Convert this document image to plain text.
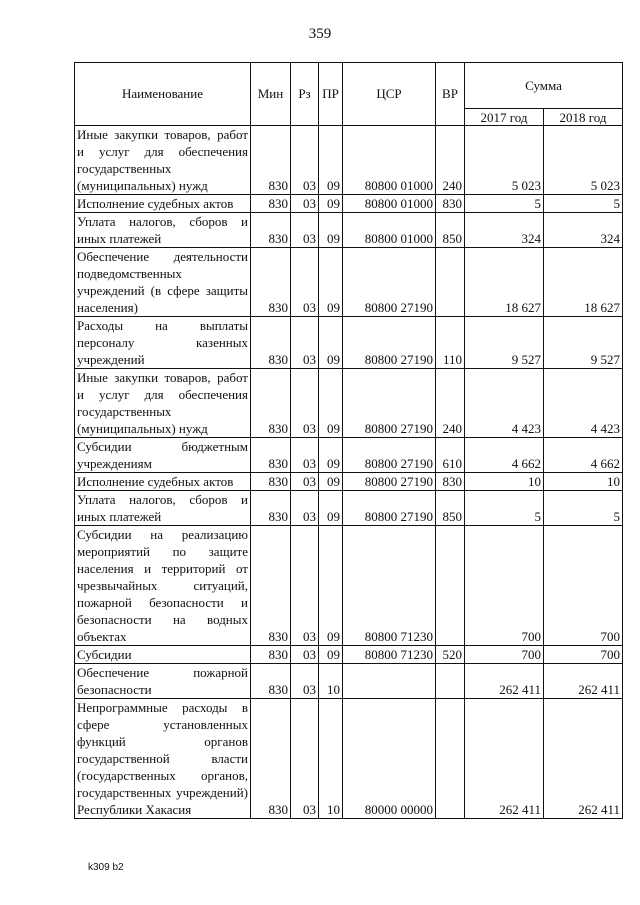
359
Наименование	Мин	Рз	ПР	ЦСР	ВР	Сумма	
						2017 год	2018 год
Иные закупки товаров, работ и услуг для обеспечения государственных (муниципальных) нужд	830	03	09	80800 01000	240	5 023	5 023
Исполнение судебных актов	830	03	09	80800 01000	830	5	5
Уплата налогов, сборов и иных платежей	830	03	09	80800 01000	850	324	324
Обеспечение деятельности подведомственных учреждений (в сфере защиты населения)	830	03	09	80800 27190		18 627	18 627
Расходы на выплаты персоналу казенных учреждений	830	03	09	80800 27190	110	9 527	9 527
Иные закупки товаров, работ и услуг для обеспечения государственных (муниципальных) нужд	830	03	09	80800 27190	240	4 423	4 423
Субсидии бюджетным учреждениям	830	03	09	80800 27190	610	4 662	4 662
Исполнение судебных актов	830	03	09	80800 27190	830	10	10
Уплата налогов, сборов и иных платежей	830	03	09	80800 27190	850	5	5
Субсидии на реализацию мероприятий по защите населения и территорий от чрезвычайных ситуаций, пожарной безопасности и безопасности на водных объектах	830	03	09	80800 71230		700	700
Субсидии	830	03	09	80800 71230	520	700	700
Обеспечение пожарной безопасности	830	03	10			262 411	262 411
Непрограммные расходы в сфере установленных функций органов государственной власти (государственных органов, государственных учреждений) Республики Хакасия	830	03	10	80000 00000		262 411	262 411
k309 b2
